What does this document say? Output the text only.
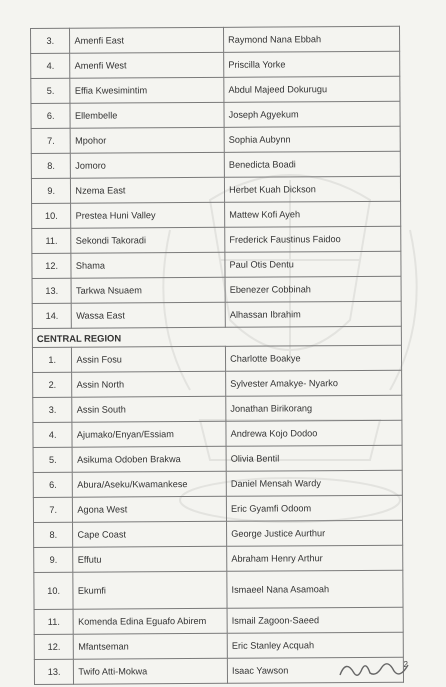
3.	Amenfi East	Raymond Nana Ebbah
4.	Amenfi West	Priscilla Yorke
5.	Effia Kwesimintim	Abdul Majeed Dokurugu
6.	Ellembelle	Joseph Agyekum
7.	Mpohor	Sophia Aubynn
8.	Jomoro	Benedicta Boadi
9.	Nzema East	Herbet Kuah Dickson
10.	Prestea Huni Valley	Mattew Kofi Ayeh
11.	Sekondi Takoradi	Frederick Faustinus Faidoo
12.	Shama	Paul Otis Dentu
13.	Tarkwa Nsuaem	Ebenezer Cobbinah
14.	Wassa East	Alhassan Ibrahim
CENTRAL REGION		
1.	Assin Fosu	Charlotte Boakye
2.	Assin North	Sylvester Amakye- Nyarko
3.	Assin South	Jonathan Birikorang
4.	Ajumako/Enyan/Essiam	Andrewa Kojo Dodoo
5.	Asikuma Odoben Brakwa	Olivia Bentil
6.	Abura/Aseku/Kwamankese	Daniel Mensah Wardy
7.	Agona West	Eric Gyamfi Odoom
8.	Cape Coast	George Justice Aurthur
9.	Effutu	Abraham Henry Arthur
10.	Ekumfi	Ismaeel Nana Asamoah
11.	Komenda Edina Eguafo Abirem	Ismail Zagoon-Saeed
12.	Mfantseman	Eric Stanley Acquah
13.	Twifo Atti-Mokwa	Isaac Yawson
2
